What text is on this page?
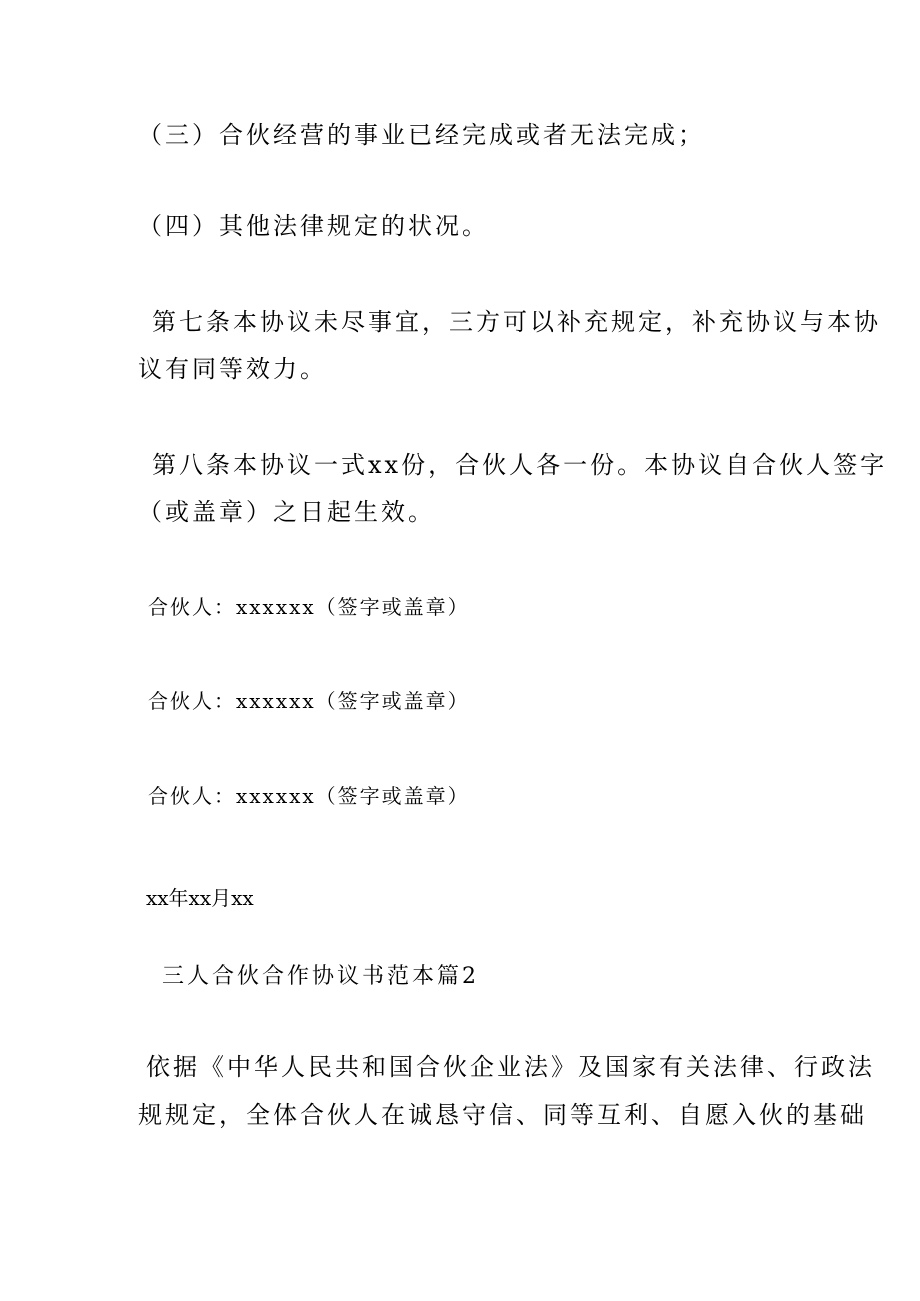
（三）合伙经营的事业已经完成或者无法完成；
（四）其他法律规定的状况。
第七条本协议未尽事宜，三方可以补充规定，补充协议与本协
议有同等效力。
第八条本协议一式xx份，合伙人各一份。本协议自合伙人签字
（或盖章）之日起生效。
合伙人：xxxxxx（签字或盖章）
合伙人：xxxxxx（签字或盖章）
合伙人：xxxxxx（签字或盖章）
xx年xx月xx
三人合伙合作协议书范本篇2
依据《中华人民共和国合伙企业法》及国家有关法律、行政法
规规定，全体合伙人在诚恳守信、同等互利、自愿入伙的基础
